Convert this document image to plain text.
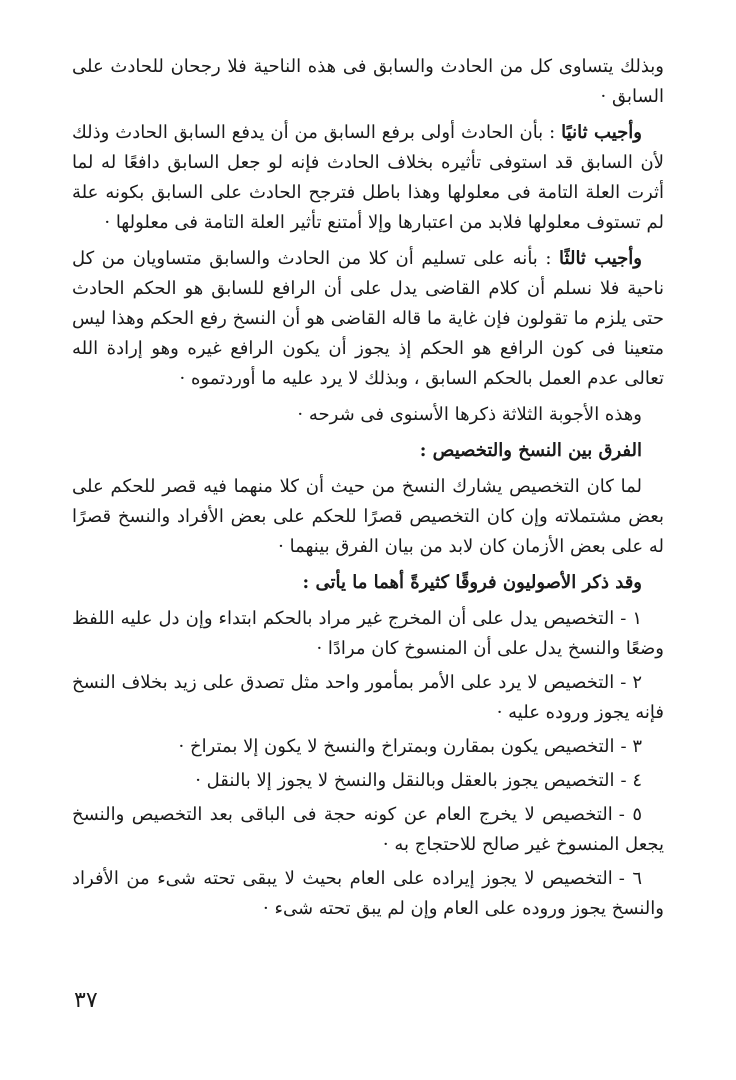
وبذلك يتساوى كل من الحادث والسابق فى هذه الناحية فلا رجحان للحادث على السابق ·

وأجيب ثانيًا : بأن الحادث أولى برفع السابق من أن يدفع السابق الحادث وذلك لأن السابق قد استوفى تأثيره بخلاف الحادث فإنه لو جعل السابق دافعًا له لما أثرت العلة التامة فى معلولها وهذا باطل فترجح الحادث على السابق بكونه علة لم تستوف معلولها فلابد من اعتبارها وإلا أمتنع تأثير العلة التامة فى معلولها ·

وأجيب ثالثًا : بأنه على تسليم أن كلا من الحادث والسابق متساويان من كل ناحية فلا نسلم أن كلام القاضى يدل على أن الرافع للسابق هو الحكم الحادث حتى يلزم ما تقولون فإن غاية ما قاله القاضى هو أن النسخ رفع الحكم وهذا ليس متعينا فى كون الرافع هو الحكم إذ يجوز أن يكون الرافع غيره وهو إرادة الله تعالى عدم العمل بالحكم السابق ، وبذلك لا يرد عليه ما أوردتموه ·

وهذه الأجوبة الثلاثة ذكرها الأسنوى فى شرحه ·

الفرق بين النسخ والتخصيص :

لما كان التخصيص يشارك النسخ من حيث أن كلا منهما فيه قصر للحكم على بعض مشتملاته وإن كان التخصيص قصرًا للحكم على بعض الأفراد والنسخ قصرًا له على بعض الأزمان كان لابد من بيان الفرق بينهما ·

وقد ذكر الأصوليون فروقًا كثيرةً أهما ما يأتى :

١ -التخصيص يدل على أن المخرج غير مراد بالحكم ابتداء وإن دل عليه اللفظ وضعًا والنسخ يدل على أن المنسوخ كان مرادًا ·

٢ -التخصيص لا يرد على الأمر بمأمور واحد مثل تصدق على زيد بخلاف النسخ فإنه يجوز وروده عليه ·

٣ -التخصيص يكون بمقارن وبمتراخ والنسخ لا يكون إلا بمتراخ ·

٤ -التخصيص يجوز بالعقل وبالنقل والنسخ لا يجوز إلا بالنقل ·

٥ -التخصيص لا يخرج العام عن كونه حجة فى الباقى بعد التخصيص والنسخ يجعل المنسوخ غير صالح للاحتجاج به ·

٦ -التخصيص لا يجوز إيراده على العام بحيث لا يبقى تحته شىء من الأفراد والنسخ يجوز وروده على العام وإن لم يبق تحته شىء ·

٣٧
